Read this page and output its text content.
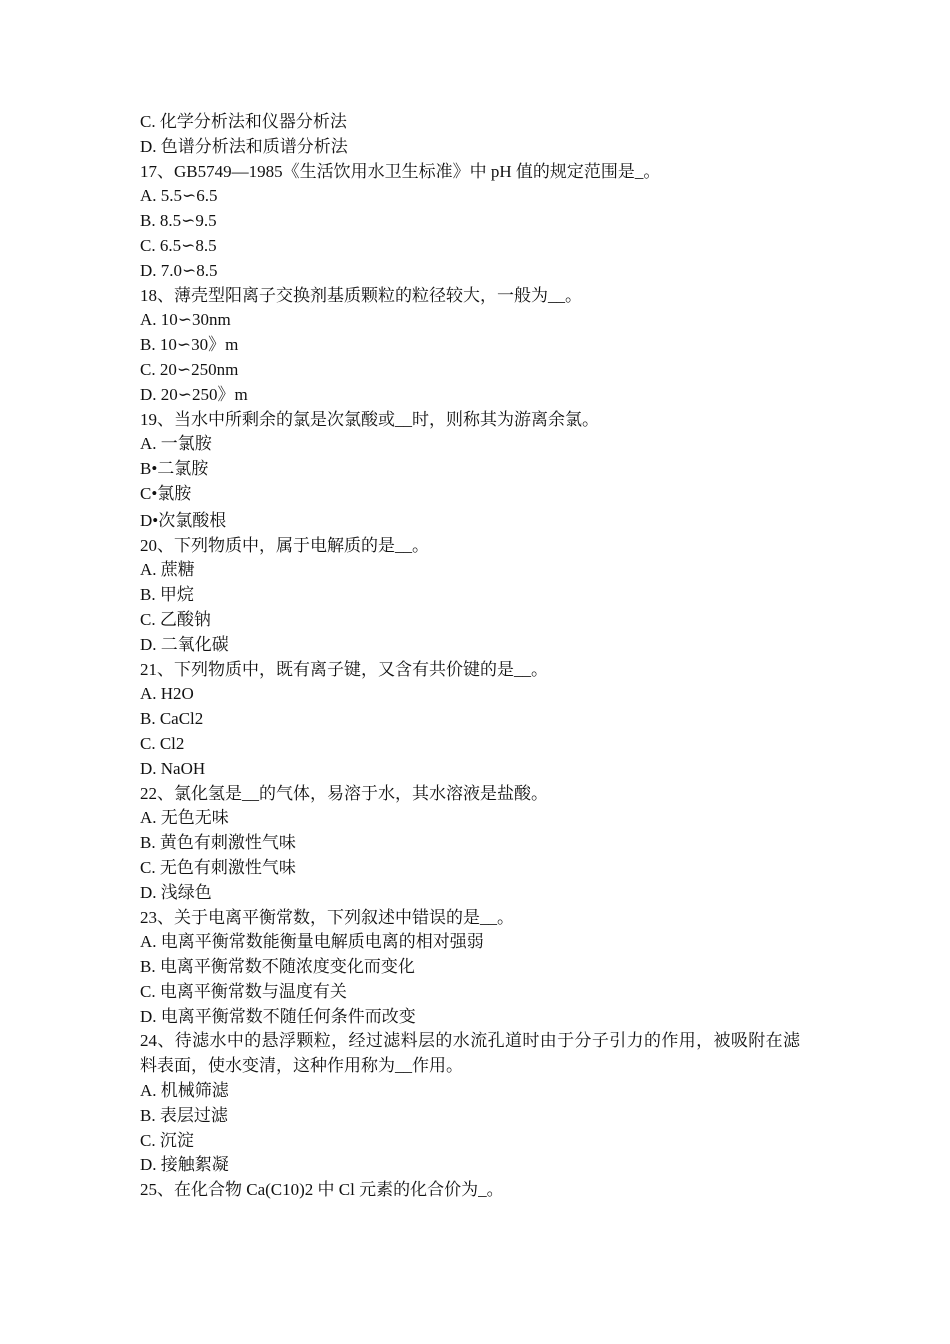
C. 化学分析法和仪器分析法
D. 色谱分析法和质谱分析法
17、GB5749—1985《生活饮用水卫生标准》中 pH 值的规定范围是_。
A. 5.5∽6.5
B. 8.5∽9.5
C. 6.5∽8.5
D. 7.0∽8.5
18、薄壳型阳离子交换剂基质颗粒的粒径较大，一般为__。
A. 10∽30nm
B. 10∽30》m
C. 20∽250nm
D. 20∽250》m
19、当水中所剩余的氯是次氯酸或__时，则称其为游离余氯。
A. 一氯胺
B•二氯胺
C•氯胺
D•次氯酸根
20、下列物质中，属于电解质的是__。
A. 蔗糖
B. 甲烷
C. 乙酸钠
D. 二氧化碳
21、下列物质中，既有离子键，又含有共价键的是__。
A. H2O
B. CaCl2
C. Cl2
D. NaOH
22、氯化氢是__的气体，易溶于水，其水溶液是盐酸。
A. 无色无味
B. 黄色有刺激性气味
C. 无色有刺激性气味
D. 浅绿色
23、关于电离平衡常数，下列叙述中错误的是__。
A. 电离平衡常数能衡量电解质电离的相对强弱
B. 电离平衡常数不随浓度变化而变化
C. 电离平衡常数与温度有关
D. 电离平衡常数不随任何条件而改变
24、待滤水中的悬浮颗粒，经过滤料层的水流孔道时由于分子引力的作用，被吸附在滤料表面，使水变清，这种作用称为__作用。
A. 机械筛滤
B. 表层过滤
C. 沉淀
D. 接触絮凝
25、在化合物 Ca(C10)2 中 Cl 元素的化合价为_。
